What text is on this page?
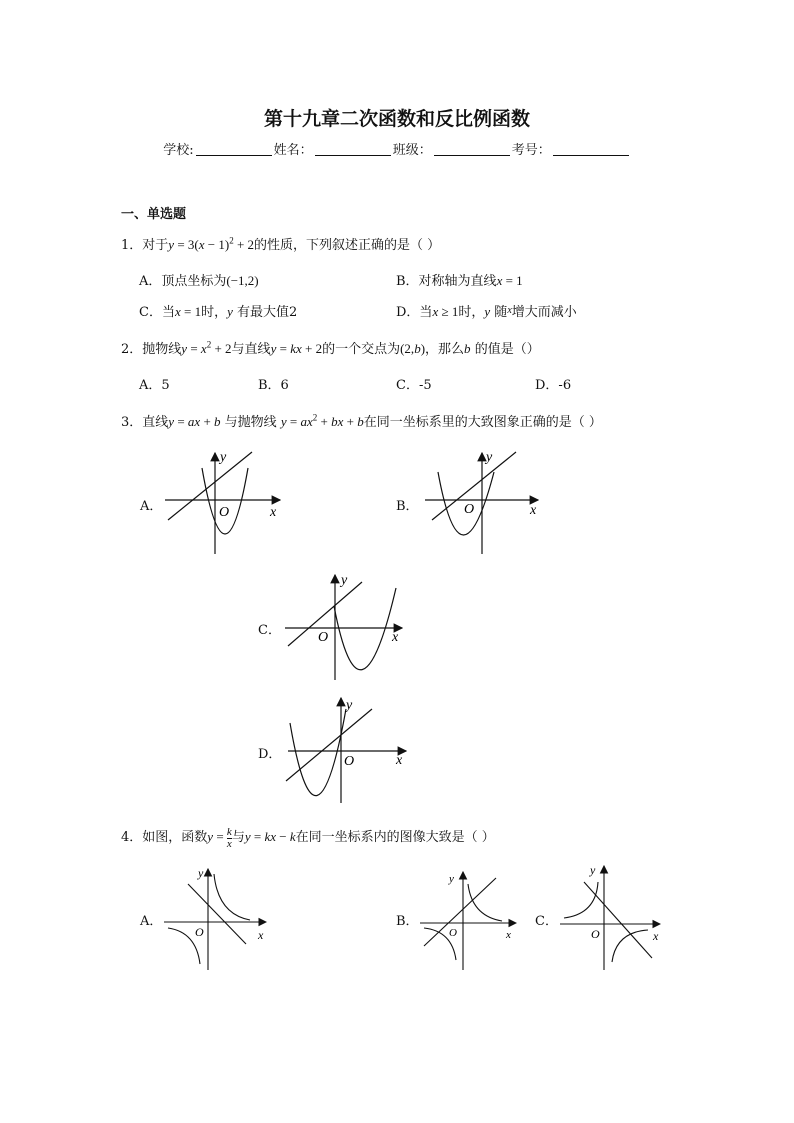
第十九章二次函数和反比例函数
学校:	姓名：	班级：	考号：
一、单选题
1．对于$y = 3(x - 1)^2 + 2$的性质，下列叙述正确的是（ ）
A．顶点坐标为(−1,2)	B．对称轴为直线x = 1
C．当x = 1时，y 有最大值2	D．当x ≥ 1时，y 随$^x$增大而减小
2．抛物线$y = x^2 + 2$与直线y = kx + 2的一个交点为(2,b)，那么b 的值是（）
A．5	B．6	C．-5	D．-6
3．直线y = ax + b 与抛物线 $y = ax^2$ + bx + b在同一坐标系里的大致图象正确的是（ ）
A．
y
O	x	B．
y
O	x
C．
y
O	x
D．
y
O	x
4．如图，函数$y = \frac{k}{x}$ 与y = kx − k在同一坐标系内的图像大致是（ ）
A．
y
O	x
B．
y
O	x
C．
y
O	x
